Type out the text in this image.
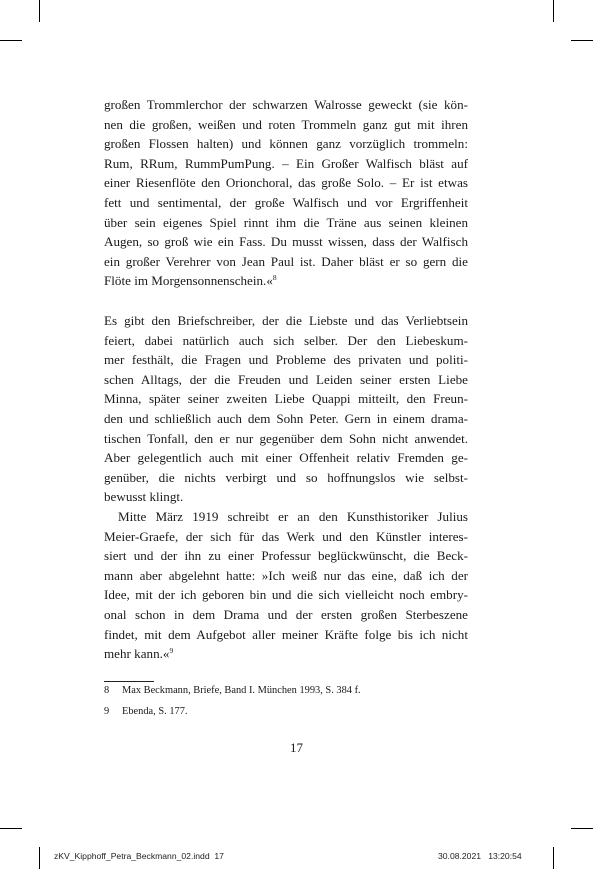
großen Trommlerchor der schwarzen Walrosse geweckt (sie kön-
nen die großen, weißen und roten Trommeln ganz gut mit ihren
großen Flossen halten) und können ganz vorzüglich trommeln:
Rum, RRum, RummPumPung. – Ein Großer Walfisch bläst auf
einer Riesenflöte den Orionchoral, das große Solo. – Er ist etwas
fett und sentimental, der große Walfisch und vor Ergriffenheit
über sein eigenes Spiel rinnt ihm die Träne aus seinen kleinen
Augen, so groß wie ein Fass. Du musst wissen, dass der Walfisch
ein großer Verehrer von Jean Paul ist. Daher bläst er so gern die
Flöte im Morgensonnenschein.«$^8$
Es gibt den Briefschreiber, der die Liebste und das Verliebtsein
feiert, dabei natürlich auch sich selber. Der den Liebeskum-
mer festhält, die Fragen und Probleme des privaten und politi-
schen Alltags, der die Freuden und Leiden seiner ersten Liebe
Minna, später seiner zweiten Liebe Quappi mitteilt, den Freun-
den und schließlich auch dem Sohn Peter. Gern in einem drama-
tischen Tonfall, den er nur gegenüber dem Sohn nicht anwendet.
Aber gelegentlich auch mit einer Offenheit relativ Fremden ge-
genüber, die nichts verbirgt und so hoffnungslos wie selbst-
bewusst klingt.
Mitte März 1919 schreibt er an den Kunsthistoriker Julius
Meier-Graefe, der sich für das Werk und den Künstler interes-
siert und der ihn zu einer Professur beglückwünscht, die Beck-
mann aber abgelehnt hatte: »Ich weiß nur das eine, daß ich der
Idee, mit der ich geboren bin und die sich vielleicht noch embry-
onal schon in dem Drama und der ersten großen Sterbeszene
findet, mit dem Aufgebot aller meiner Kräfte folge bis ich nicht
mehr kann.«$^9$
8 Max Beckmann, Briefe, Band I. München 1993, S. 384 f.
9 Ebenda, S. 177.
17
zKV_Kipphoff_Petra_Beckmann_02.indd 17	30.08.2021 13:20:54
